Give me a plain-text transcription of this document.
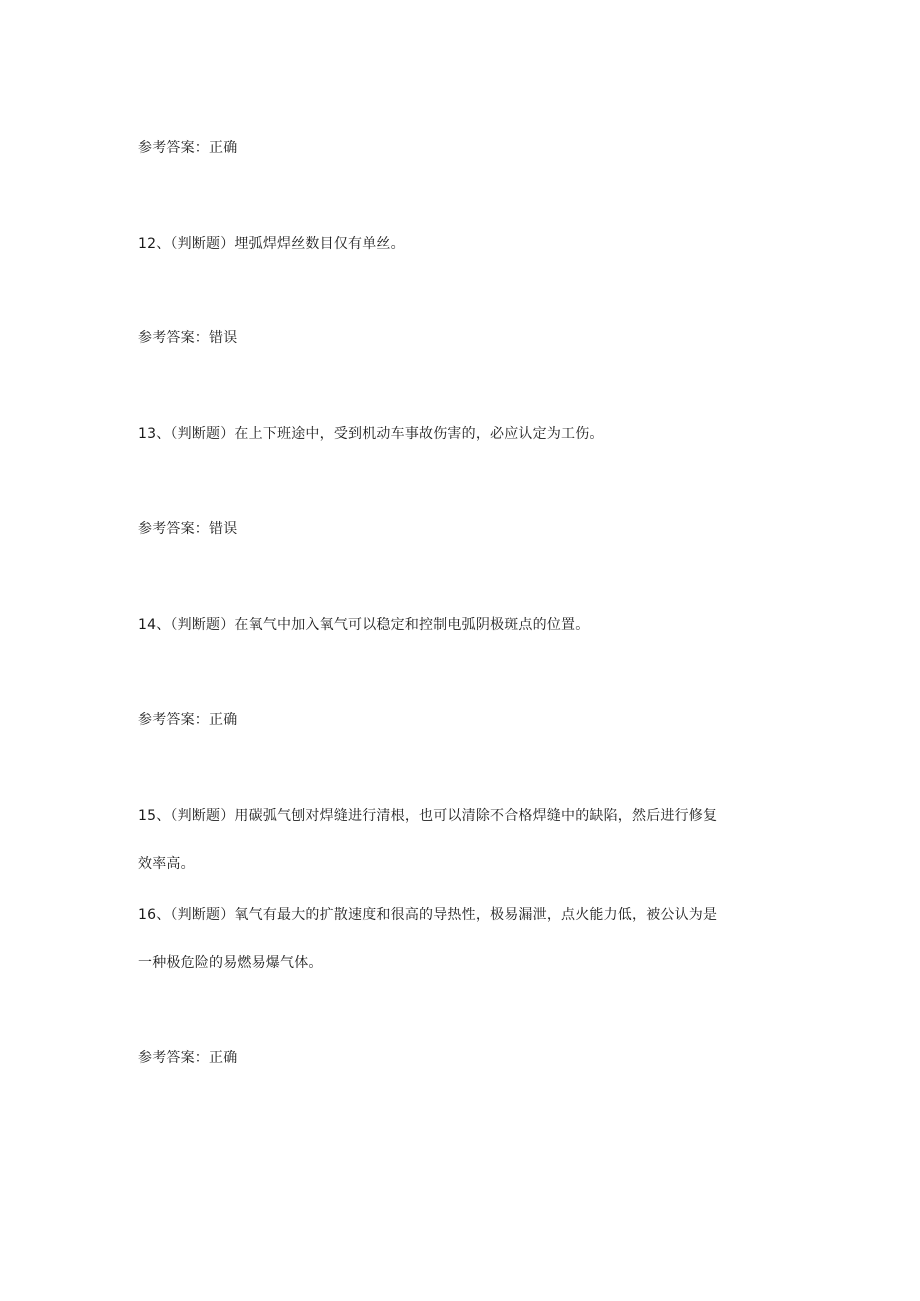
参考答案：正确
12、（判断题）埋弧焊焊丝数目仅有单丝。
参考答案：错误
13、（判断题）在上下班途中，受到机动车事故伤害的，必应认定为工伤。
参考答案：错误
14、（判断题）在氧气中加入氧气可以稳定和控制电弧阴极斑点的位置。
参考答案：正确
15、（判断题）用碳弧气刨对焊缝进行清根，也可以清除不合格焊缝中的缺陷，然后进行修复
效率高。
16、（判断题）氧气有最大的扩散速度和很高的导热性，极易漏泄，点火能力低，被公认为是
一种极危险的易燃易爆气体。
参考答案：正确
